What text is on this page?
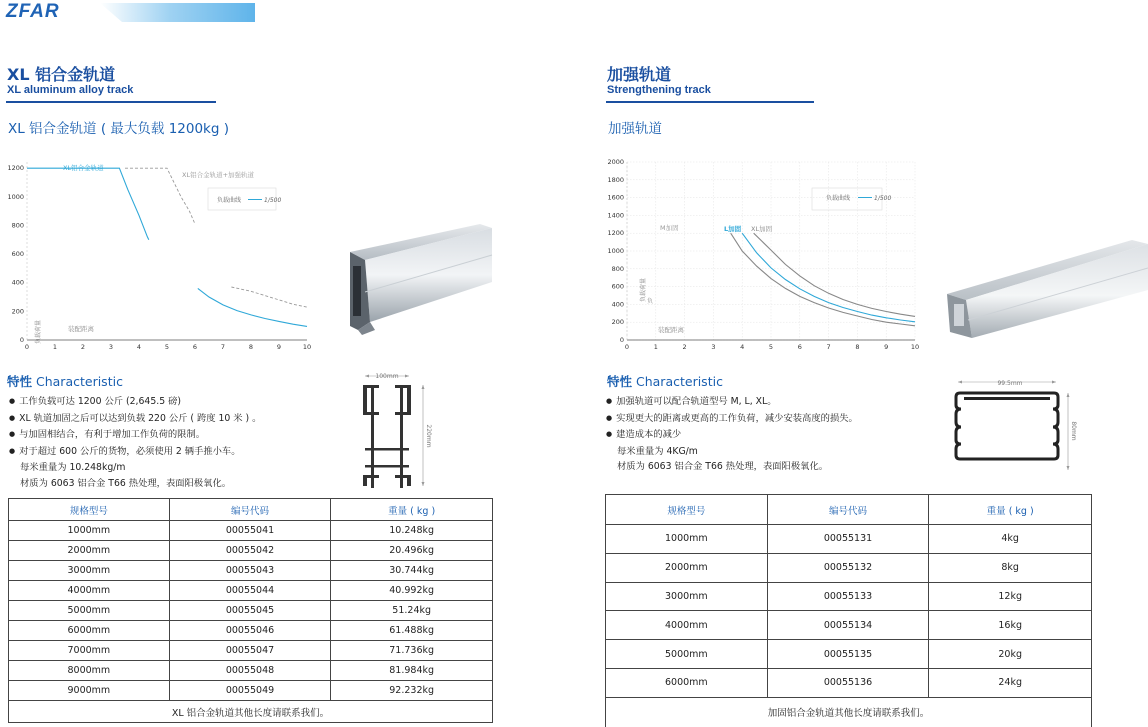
ZFAR
XL 铝合金轨道
XL aluminum alloy track
XL 铝合金轨道 ( 最大负载 1200kg )
0	1	2	3	4	5	6	7	8	9	10
200
400
600
800
1000
1200
0 负载荷量	装配距离
XL铝合金轨道
XL铝合金轨道+加强轨道
负载曲线	1/500
特性 Characteristic
● 工作负载可达 1200 公斤 (2,645.5 磅)
● XL 轨道加固之后可以达到负载 220 公斤 ( 跨度 10 米 ) 。
● 与加固相结合，有利于增加工作负荷的限制。
● 对于超过 600 公斤的货物，必须使用 2 辆手推小车。
每米重量为 10.248kg/m
材质为 6063 铝合金 T66 热处理，表面阳极氧化。
100mm
220mm
规格型号	编号代码	重量 ( kg )
1000mm	00055041	10.248kg
2000mm	00055042	20.496kg
3000mm	00055043	30.744kg
4000mm	00055044	40.992kg
5000mm	00055045	51.24kg
6000mm	00055046	61.488kg
7000mm	00055047	71.736kg
8000mm	00055048	81.984kg
9000mm	00055049	92.232kg
XL 铝合金轨道其他长度请联系我们。		
加强轨道
Strengthening track
加强轨道
0	1	2	3	4	5	6	7	8	9	10
0
200
400
600
800
1000
1200
1400
1600
1800
2000
负载荷量 负
装配距离
M加固	L加固 XL加固
负载曲线	1/500
特性 Characteristic
● 加强轨道可以配合轨道型号 M, L, XL。
● 实现更大的距离或更高的工作负荷，减少安装高度的损失。
● 建造成本的减少
每米重量为 4KG/m
材质为 6063 铝合金 T66 热处理，表面阳极氧化。
99.5mm
80mm
规格型号	编号代码	重量 ( kg )
1000mm	00055131	4kg
2000mm	00055132	8kg
3000mm	00055133	12kg
4000mm	00055134	16kg
5000mm	00055135	20kg
6000mm	00055136	24kg
加固铝合金轨道其他长度请联系我们。		
